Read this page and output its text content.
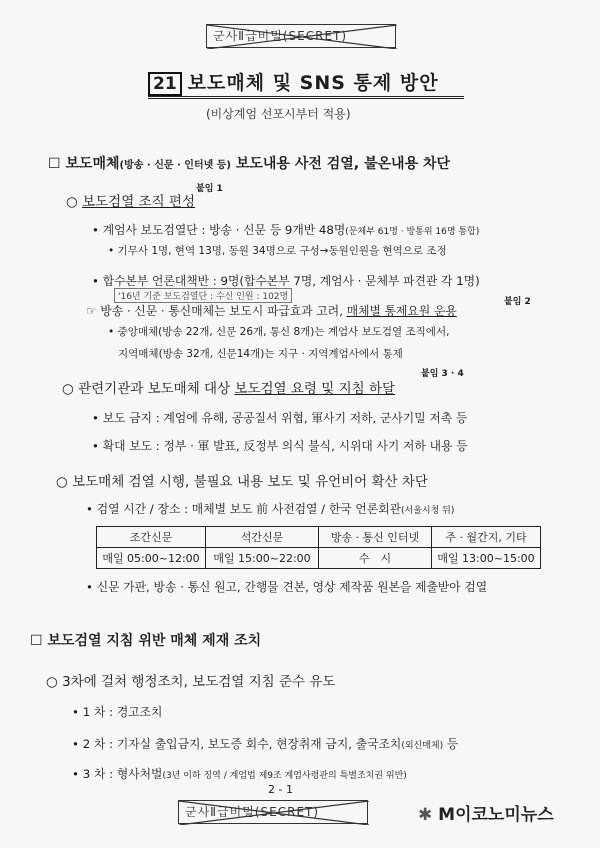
군사Ⅱ급비밀(SECRET)
21 보도매체 및 SNS 통제 방안
(비상계엄 선포시부터 적용)
☐ 보도매체(방송 · 신문 · 인터넷 등) 보도내용 사전 검열, 불온내용 차단
○ 보도검열 조직 편성
붙임 1
• 계엄사 보도검열단 : 방송 · 신문 등 9개반 48명(문체부 61명 · 방통위 16명 통합)
• 기무사 1명, 현역 13명, 동원 34명으로 구성→동원인원을 현역으로 조정
• 합수본부 언론대책반 : 9명(합수본부 7명, 계엄사 · 문체부 파견관 각 1명)
'16년 기준 보도검열단 : 수신 인원 : 102명
☞ 방송 · 신문 · 통신매체는 보도시 파급효과 고려, 매체별 통제요원 운용
붙임 2
• 중앙매체(방송 22개, 신문 26개, 통신 8개)는 계엄사 보도검열 조직에서,
지역매체(방송 32개, 신문14개)는 지구 · 지역계엄사에서 통제
○ 관련기관과 보도매체 대상 보도검열 요령 및 지침 하달
붙임 3 · 4
• 보도 금지 : 계엄에 유해, 공공질서 위협, 軍사기 저하, 군사기밀 저촉 등
• 확대 보도 : 정부 · 軍 발표, 反정부 의식 불식, 시위대 사기 저하 내용 등
○ 보도매체 검열 시행, 불필요 내용 보도 및 유언비어 확산 차단
• 검열 시간 / 장소 : 매체별 보도 前 사전검열 / 한국 언론회관(서울시청 뒤)
조간신문	석간신문	방송 · 통신 인터넷	주 · 월간지, 기타
매일 05:00~12:00	매일 15:00~22:00	수　시	매일 13:00~15:00
• 신문 가판, 방송 · 통신 원고, 간행물 견본, 영상 제작품 원본을 제출받아 검열
☐ 보도검열 지침 위반 매체 제재 조치
○ 3차에 걸쳐 행정조치, 보도검열 지침 준수 유도
• 1 차 : 경고조치
• 2 차 : 기자실 출입금지, 보도증 회수, 현장취재 금지, 출국조치(외신매체) 등
• 3 차 : 형사처벌(3년 이하 징역 / 계엄법 제9조 계엄사령관의 특별조치권 위반)
2 - 1
군사Ⅱ급비밀(SECRET)	✱ M이코노미뉴스
